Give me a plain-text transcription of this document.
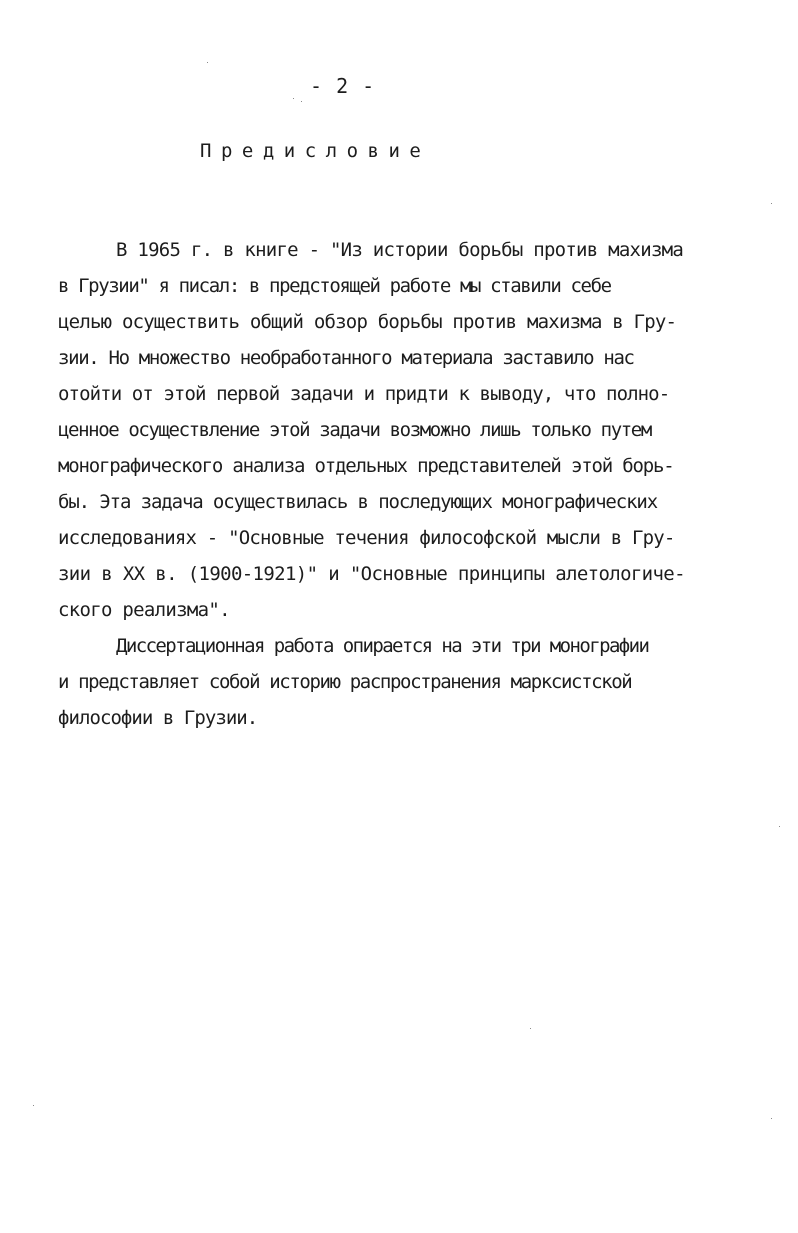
- 2 -
Предисловие
В 1965 г. в книге - "Из истории борьбы против махизма
в Грузии" я писал: в предстоящей работе мы ставили себе
целью осуществить общий обзор борьбы против махизма в Гру-
зии. Но множество необработанного материала заставило нас
отойти от этой первой задачи и придти к выводу, что полно-
ценное осуществление этой задачи возможно лишь только путем
монографического анализа отдельных представителей этой борь-
бы. Эта задача осуществилась в последующих монографических
исследованиях - "Основные течения философской мысли в Гру-
зии в XX в. (1900-1921)" и "Основные принципы алетологиче-
ского реализма".
Диссертационная работа опирается на эти три монографии
и представляет собой историю распространения марксистской
философии в Грузии.
